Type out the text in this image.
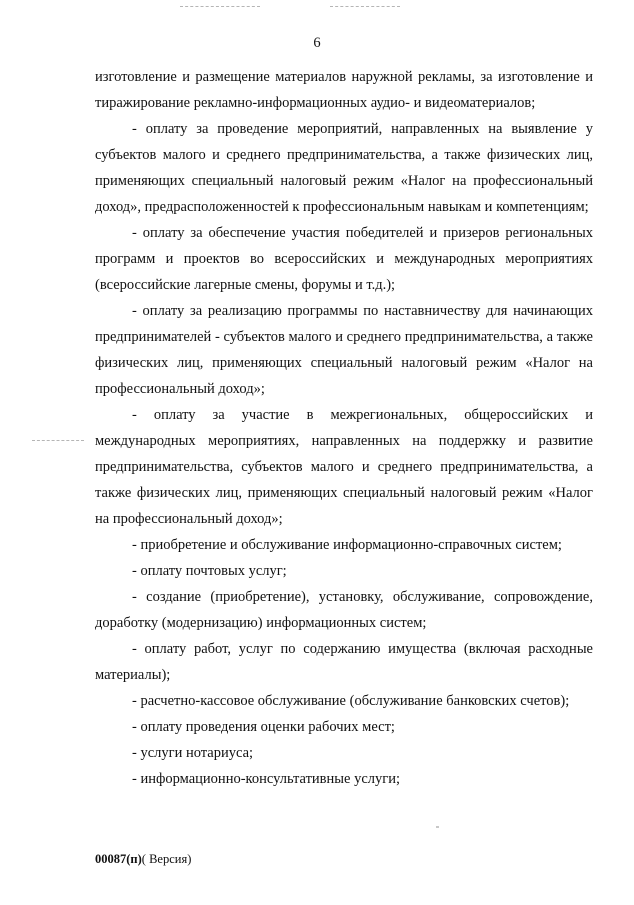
6

изготовление и размещение материалов наружной рекламы, за изготовление и тиражирование рекламно-информационных аудио- и видеоматериалов;

- оплату за проведение мероприятий, направленных на выявление у субъектов малого и среднего предпринимательства, а также физических лиц, применяющих специальный налоговый режим «Налог на профессиональный доход», предрасположенностей к профессиональным навыкам и компетенциям;

- оплату за обеспечение участия победителей и призеров региональных программ и проектов во всероссийских и международных мероприятиях (всероссийские лагерные смены, форумы и т.д.);

- оплату за реализацию программы по наставничеству для начинающих предпринимателей - субъектов малого и среднего предпринимательства, а также физических лиц, применяющих специальный налоговый режим «Налог на профессиональный доход»;

- оплату за участие в межрегиональных, общероссийских и международных мероприятиях, направленных на поддержку и развитие предпринимательства, субъектов малого и среднего предпринимательства, а также физических лиц, применяющих специальный налоговый режим «Налог на профессиональный доход»;

- приобретение и обслуживание информационно-справочных систем;

- оплату почтовых услуг;

- создание (приобретение), установку, обслуживание, сопровождение, доработку (модернизацию) информационных систем;

- оплату работ, услуг по содержанию имущества (включая расходные материалы);

- расчетно-кассовое обслуживание (обслуживание банковских счетов);

- оплату проведения оценки рабочих мест;

- услуги нотариуса;

- информационно-консультативные услуги;

00087(п)( Версия)
